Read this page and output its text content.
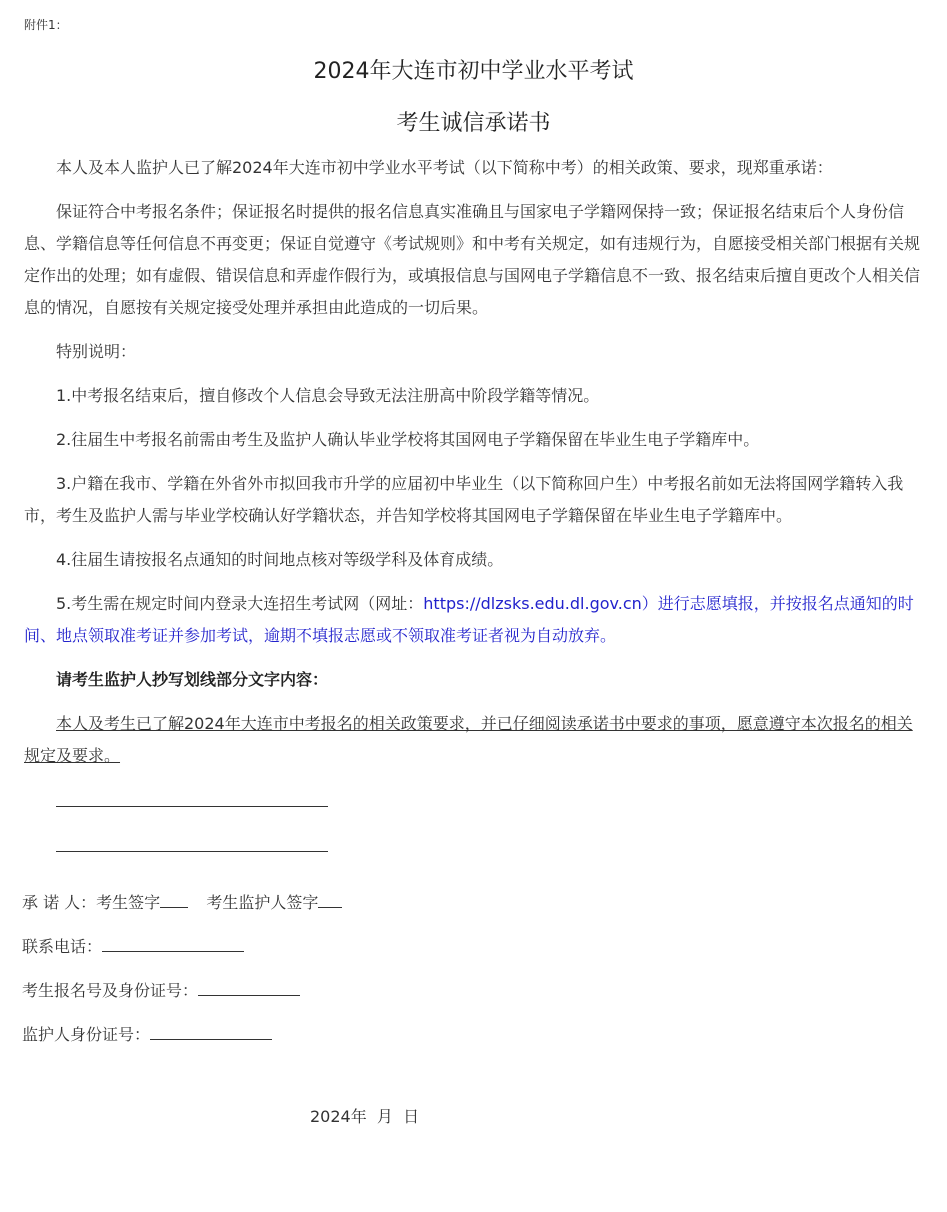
附件1：
2024年大连市初中学业水平考试
考生诚信承诺书

本人及本人监护人已了解2024年大连市初中学业水平考试（以下简称中考）的相关政策、要求，现郑重承诺：

保证符合中考报名条件；保证报名时提供的报名信息真实准确且与国家电子学籍网保持一致；保证报名结束后个人身份信息、学籍信息等任何信息不再变更；保证自觉遵守《考试规则》和中考有关规定，如有违规行为，自愿接受相关部门根据有关规定作出的处理；如有虚假、错误信息和弄虚作假行为，或填报信息与国网电子学籍信息不一致、报名结束后擅自更改个人相关信息的情况，自愿按有关规定接受处理并承担由此造成的一切后果。

特别说明：

1.中考报名结束后，擅自修改个人信息会导致无法注册高中阶段学籍等情况。

2.往届生中考报名前需由考生及监护人确认毕业学校将其国网电子学籍保留在毕业生电子学籍库中。

3.户籍在我市、学籍在外省外市拟回我市升学的应届初中毕业生（以下简称回户生）中考报名前如无法将国网学籍转入我市，考生及监护人需与毕业学校确认好学籍状态，并告知学校将其国网电子学籍保留在毕业生电子学籍库中。

4.往届生请按报名点通知的时间地点核对等级学科及体育成绩。

5.考生需在规定时间内登录大连招生考试网（网址：https://dlzsks.edu.dl.gov.cn）进行志愿填报，并按报名点通知的时间、地点领取准考证并参加考试，逾期不填报志愿或不领取准考证者视为自动放弃。

请考生监护人抄写划线部分文字内容：

本人及考生已了解2024年大连市中考报名的相关政策要求，并已仔细阅读承诺书中要求的事项，愿意遵守本次报名的相关规定及要求。

承 诺 人：考生签字	考生监护人签字
联系电话：
考生报名号及身份证号：
监护人身份证号：
2024年  月  日
